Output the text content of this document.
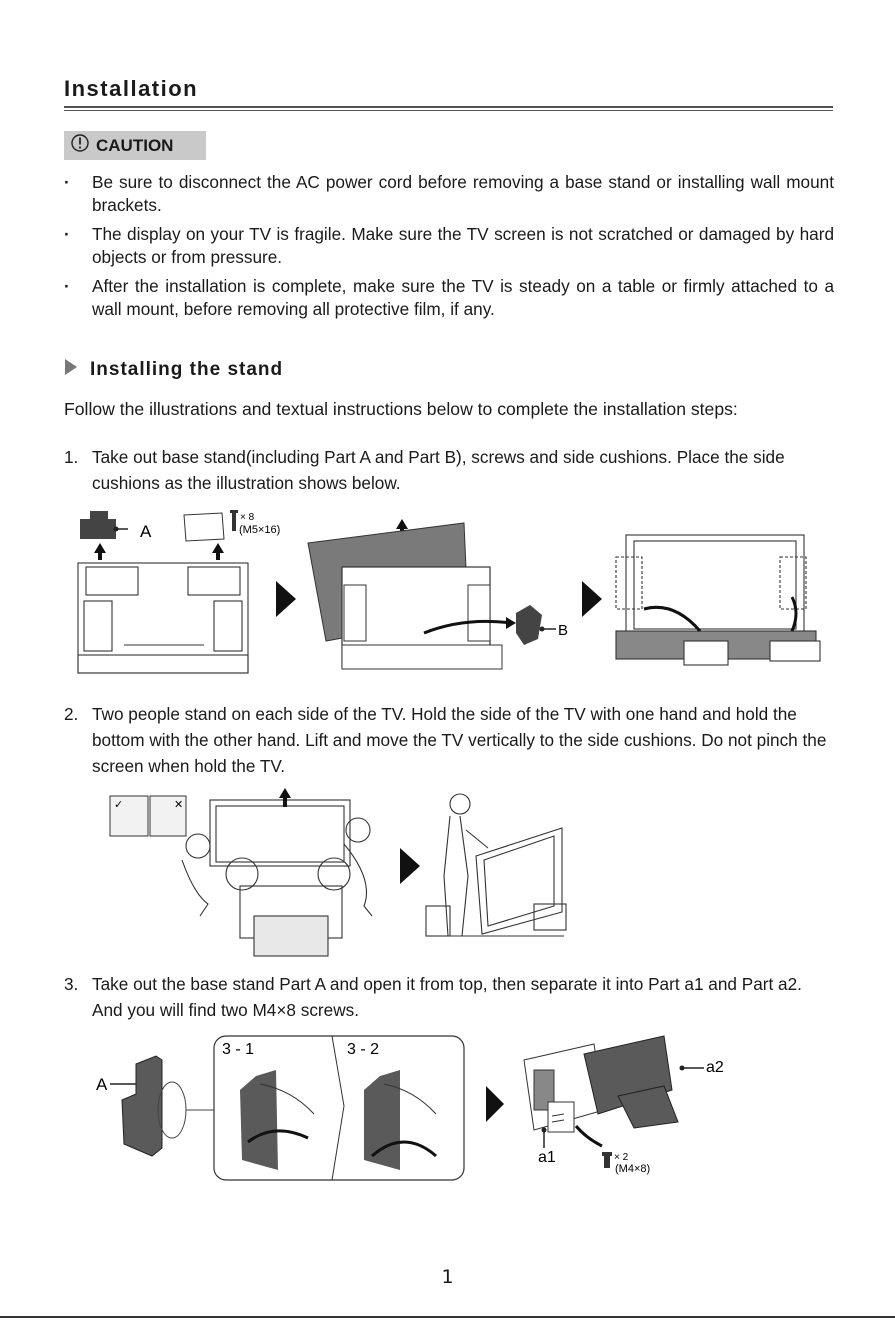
Installation
CAUTION
· Be sure to disconnect the AC power cord before removing a base stand or installing wall mount brackets.
· The display on your TV is fragile. Make sure the TV screen is not scratched or damaged by hard objects or from pressure.
· After the installation is complete, make sure the TV is steady on a table or firmly attached to a wall mount, before removing all protective film, if any.
Installing the stand
Follow the illustrations and textual instructions below to complete the installation steps:
1. Take out base stand(including Part A and Part B), screws and side cushions. Place the side cushions as the illustration shows below.
A
× 8
(M5×16)
B
2. Two people stand on each side of the TV. Hold the side of the TV with one hand and hold the bottom with the other hand. Lift and move the TV vertically to the side cushions. Do not pinch the screen when hold the TV.
✓	✕
3. Take out the base stand Part A and open it from top, then separate it into Part a1 and Part a2. And you will find two M4×8 screws.
A
3 - 1	3 - 2
a2
a1	× 2
(M4×8)
1
